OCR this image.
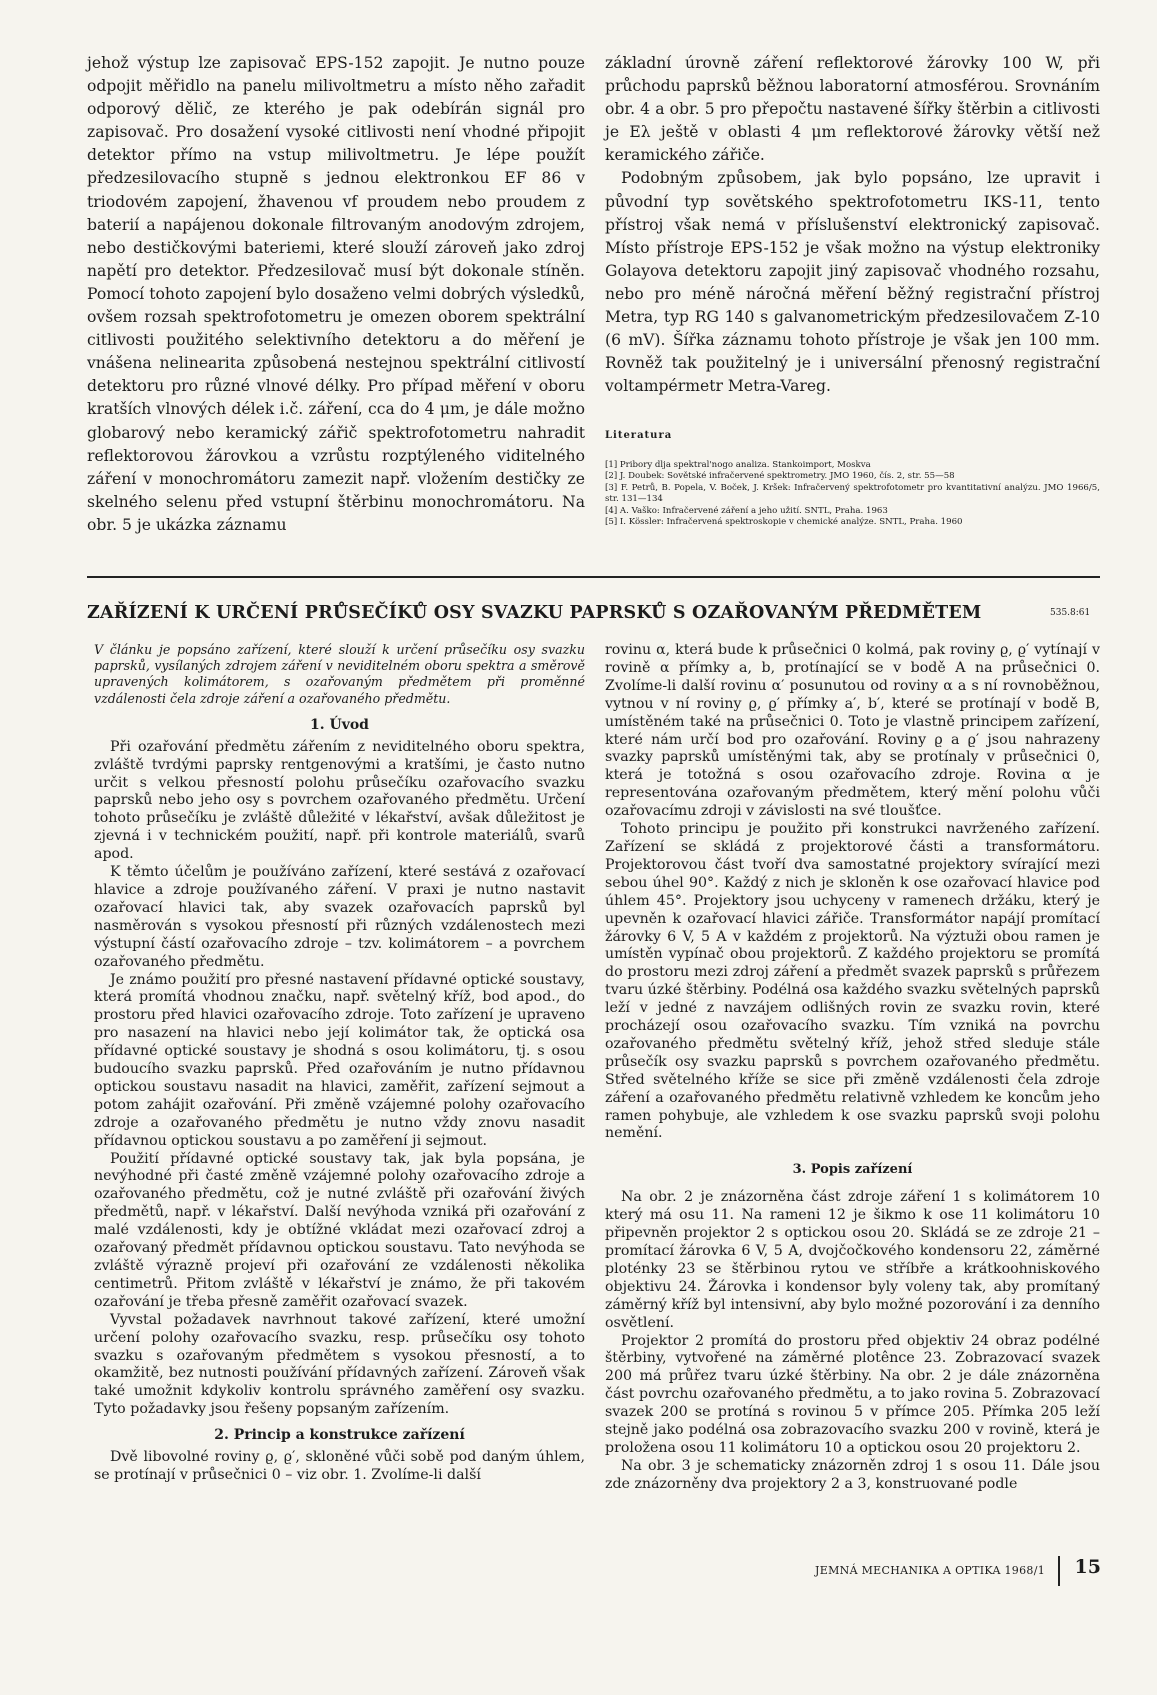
jehož výstup lze zapisovač EPS-152 zapojit. Je nutno pouze odpojit měřidlo na panelu milivoltmetru a místo něho zařadit odporový dělič, ze kterého je pak odebírán signál pro zapisovač. Pro dosažení vysoké citlivosti není vhodné připojit detektor přímo na vstup milivoltmetru. Je lépe použít předzesilovacího stupně s jednou elektronkou EF 86 v triodovém zapojení, žhavenou vf proudem nebo proudem z baterií a napájenou dokonale filtrovaným anodovým zdrojem, nebo destičkovými bateriemi, které slouží zároveň jako zdroj napětí pro detektor. Předzesilovač musí být dokonale stíněn. Pomocí tohoto zapojení bylo dosaženo velmi dobrých výsledků, ovšem rozsah spektrofotometru je omezen oborem spektrální citlivosti použitého selektivního detektoru a do měření je vnášena nelinearita způsobená nestejnou spektrální citlivostí detektoru pro různé vlnové délky. Pro případ měření v oboru kratších vlnových délek i.č. záření, cca do 4 μm, je dále možno globarový nebo keramický zářič spektrofotometru nahradit reflektorovou žárovkou a vzrůstu rozptýleného viditelného záření v monochromátoru zamezit např. vložením destičky ze skelného selenu před vstupní štěrbinu monochromátoru. Na obr. 5 je ukázka záznamu

základní úrovně záření reflektorové žárovky 100 W, při průchodu paprsků běžnou laboratorní atmosférou. Srovnáním obr. 4 a obr. 5 pro přepočtu nastavené šířky štěrbin a citlivosti je Eλ ještě v oblasti 4 μm reflektorové žárovky větší než keramického zářiče.

Podobným způsobem, jak bylo popsáno, lze upravit i původní typ sovětského spektrofotometru IKS-11, tento přístroj však nemá v příslušenství elektronický zapisovač. Místo přístroje EPS-152 je však možno na výstup elektroniky Golayova detektoru zapojit jiný zapisovač vhodného rozsahu, nebo pro méně náročná měření běžný registrační přístroj Metra, typ RG 140 s galvanometrickým předzesilovačem Z-10 (6 mV). Šířka záznamu tohoto přístroje je však jen 100 mm. Rovněž tak použitelný je i universální přenosný registrační voltampérmetr Metra-Vareg.

Literatura
[1] Pribory dlja spektral'nogo analiza. Stankoimport, Moskva
[2] J. Doubek: Sovětské infračervené spektrometry. JMO 1960, čís. 2, str. 55—58
[3] F. Petrů, B. Popela, V. Boček, J. Kršek: Infračervený spektrofotometr pro kvantitativní analýzu. JMO 1966/5, str. 131—134
[4] A. Vaško: Infračervené záření a jeho užití. SNTL, Praha. 1963
[5] I. Kössler: Infračervená spektroskopie v chemické analýze. SNTL, Praha. 1960
ZAŘÍZENÍ K URČENÍ PRŮSEČÍKŮ OSY SVAZKU PAPRSKŮ S OZAŘOVANÝM PŘEDMĚTEM	535.8:61

V článku je popsáno zařízení, které slouží k určení průsečíku osy svazku paprsků, vysílaných zdrojem záření v neviditelném oboru spektra a směrově upravených kolimátorem, s ozařovaným předmětem při proměnné vzdálenosti čela zdroje záření a ozařovaného předmětu.

1. Úvod

Při ozařování předmětu zářením z neviditelného oboru spektra, zvláště tvrdými paprsky rentgenovými a kratšími, je často nutno určit s velkou přesností polohu průsečíku ozařovacího svazku paprsků nebo jeho osy s povrchem ozařovaného předmětu. Určení tohoto průsečíku je zvláště důležité v lékařství, avšak důležitost je zjevná i v technickém použití, např. při kontrole materiálů, svarů apod.

K těmto účelům je používáno zařízení, které sestává z ozařovací hlavice a zdroje používaného záření. V praxi je nutno nastavit ozařovací hlavici tak, aby svazek ozařovacích paprsků byl nasměrován s vysokou přesností při různých vzdálenostech mezi výstupní částí ozařovacího zdroje – tzv. kolimátorem – a povrchem ozařovaného předmětu.

Je známo použití pro přesné nastavení přídavné optické soustavy, která promítá vhodnou značku, např. světelný kříž, bod apod., do prostoru před hlavici ozařovacího zdroje. Toto zařízení je upraveno pro nasazení na hlavici nebo její kolimátor tak, že optická osa přídavné optické soustavy je shodná s osou kolimátoru, tj. s osou budoucího svazku paprsků. Před ozařováním je nutno přídavnou optickou soustavu nasadit na hlavici, zaměřit, zařízení sejmout a potom zahájit ozařování. Při změně vzájemné polohy ozařovacího zdroje a ozařovaného předmětu je nutno vždy znovu nasadit přídavnou optickou soustavu a po zaměření ji sejmout.

Použití přídavné optické soustavy tak, jak byla popsána, je nevýhodné při časté změně vzájemné polohy ozařovacího zdroje a ozařovaného předmětu, což je nutné zvláště při ozařování živých předmětů, např. v lékařství. Další nevýhoda vzniká při ozařování z malé vzdálenosti, kdy je obtížné vkládat mezi ozařovací zdroj a ozařovaný předmět přídavnou optickou soustavu. Tato nevýhoda se zvláště výrazně projeví při ozařování ze vzdálenosti několika centimetrů. Přitom zvláště v lékařství je známo, že při takovém ozařování je třeba přesně zaměřit ozařovací svazek.

Vyvstal požadavek navrhnout takové zařízení, které umožní určení polohy ozařovacího svazku, resp. průsečíku osy tohoto svazku s ozařovaným předmětem s vysokou přesností, a to okamžitě, bez nutnosti používání přídavných zařízení. Zároveň však také umožnit kdykoliv kontrolu správného zaměření osy svazku. Tyto požadavky jsou řešeny popsaným zařízením.

2. Princip a konstrukce zařízení

Dvě libovolné roviny ϱ, ϱ′, skloněné vůči sobě pod daným úhlem, se protínají v průsečnici 0 – viz obr. 1. Zvolíme-li další

rovinu α, která bude k průsečnici 0 kolmá, pak roviny ϱ, ϱ′ vytínají v rovině α přímky a, b, protínající se v bodě A na průsečnici 0. Zvolíme-li další rovinu α′ posunutou od roviny α a s ní rovnoběžnou, vytnou v ní roviny ϱ, ϱ′ přímky a′, b′, které se protínají v bodě B, umístěném také na průsečnici 0. Toto je vlastně principem zařízení, které nám určí bod pro ozařování. Roviny ϱ a ϱ′ jsou nahrazeny svazky paprsků umístěnými tak, aby se protínaly v průsečnici 0, která je totožná s osou ozařovacího zdroje. Rovina α je representována ozařovaným předmětem, který mění polohu vůči ozařovacímu zdroji v závislosti na své tloušťce.

Tohoto principu je použito při konstrukci navrženého zařízení. Zařízení se skládá z projektorové části a transformátoru. Projektorovou část tvoří dva samostatné projektory svírající mezi sebou úhel 90°. Každý z nich je skloněn k ose ozařovací hlavice pod úhlem 45°. Projektory jsou uchyceny v ramenech držáku, který je upevněn k ozařovací hlavici zářiče. Transformátor napájí promítací žárovky 6 V, 5 A v každém z projektorů. Na výztuži obou ramen je umístěn vypínač obou projektorů. Z každého projektoru se promítá do prostoru mezi zdroj záření a předmět svazek paprsků s průřezem tvaru úzké štěrbiny. Podélná osa každého svazku světelných paprsků leží v jedné z navzájem odlišných rovin ze svazku rovin, které procházejí osou ozařovacího svazku. Tím vzniká na povrchu ozařovaného předmětu světelný kříž, jehož střed sleduje stále průsečík osy svazku paprsků s povrchem ozařovaného předmětu. Střed světelného kříže se sice při změně vzdálenosti čela zdroje záření a ozařovaného předmětu relativně vzhledem ke koncům jeho ramen pohybuje, ale vzhledem k ose svazku paprsků svoji polohu nemění.

3. Popis zařízení

Na obr. 2 je znázorněna část zdroje záření 1 s kolimátorem 10 který má osu 11. Na rameni 12 je šikmo k ose 11 kolimátoru 10 připevněn projektor 2 s optickou osou 20. Skládá se ze zdroje 21 – promítací žárovka 6 V, 5 A, dvojčočkového kondensoru 22, záměrné ploténky 23 se štěrbinou rytou ve stříbře a krátkoohniskového objektivu 24. Žárovka i kondensor byly voleny tak, aby promítaný záměrný kříž byl intensivní, aby bylo možné pozorování i za denního osvětlení.

Projektor 2 promítá do prostoru před objektiv 24 obraz podélné štěrbiny, vytvořené na záměrné plotênce 23. Zobrazovací svazek 200 má průřez tvaru úzké štěrbiny. Na obr. 2 je dále znázorněna část povrchu ozařovaného předmětu, a to jako rovina 5. Zobrazovací svazek 200 se protíná s rovinou 5 v přímce 205. Přímka 205 leží stejně jako podélná osa zobrazovacího svazku 200 v rovině, která je proložena osou 11 kolimátoru 10 a optickou osou 20 projektoru 2.

Na obr. 3 je schematicky znázorněn zdroj 1 s osou 11. Dále jsou zde znázorněny dva projektory 2 a 3, konstruované podle

JEMNÁ MECHANIKA A OPTIKA 1968/1 15
